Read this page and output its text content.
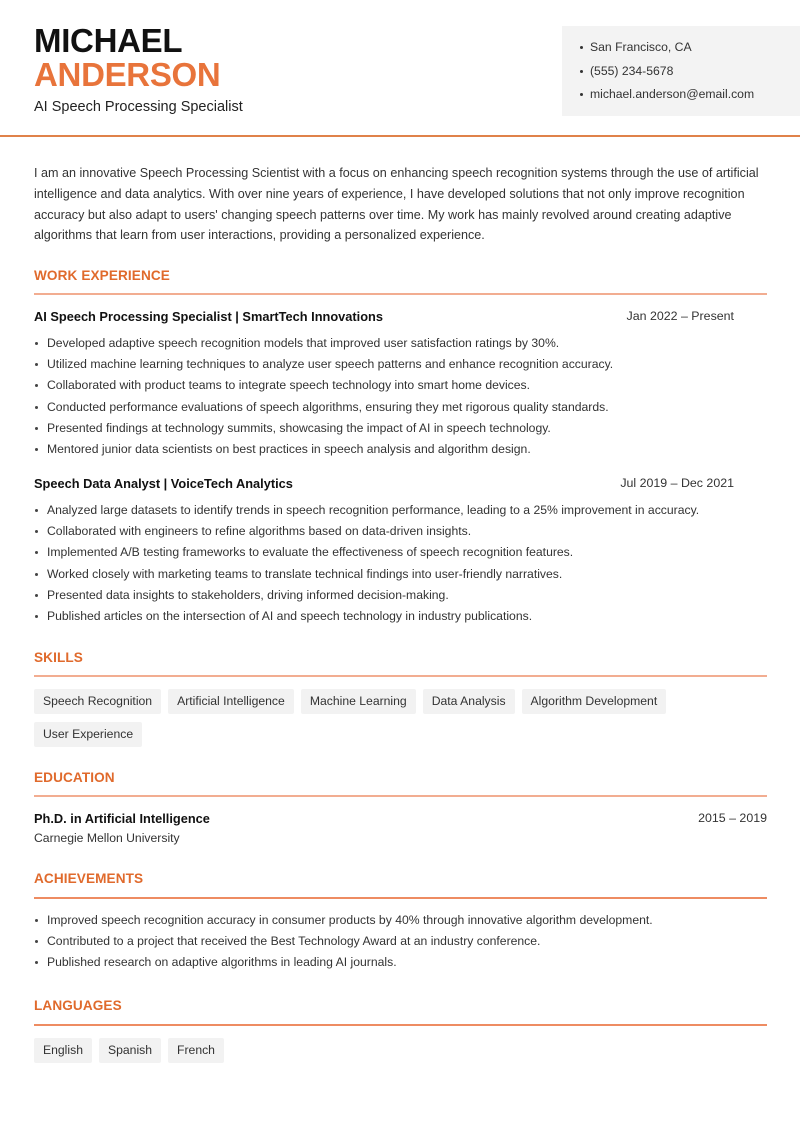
MICHAEL
ANDERSON
AI Speech Processing Specialist
San Francisco, CA
(555) 234-5678
michael.anderson@email.com

I am an innovative Speech Processing Scientist with a focus on enhancing speech recognition systems through the use of artificial intelligence and data analytics. With over nine years of experience, I have developed solutions that not only improve recognition accuracy but also adapt to users' changing speech patterns over time. My work has mainly revolved around creating adaptive algorithms that learn from user interactions, providing a personalized experience.

WORK EXPERIENCE
AI Speech Processing Specialist | SmartTech Innovations	Jan 2022 – Present
Developed adaptive speech recognition models that improved user satisfaction ratings by 30%.
Utilized machine learning techniques to analyze user speech patterns and enhance recognition accuracy.
Collaborated with product teams to integrate speech technology into smart home devices.
Conducted performance evaluations of speech algorithms, ensuring they met rigorous quality standards.
Presented findings at technology summits, showcasing the impact of AI in speech technology.
Mentored junior data scientists on best practices in speech analysis and algorithm design.
Speech Data Analyst | VoiceTech Analytics	Jul 2019 – Dec 2021
Analyzed large datasets to identify trends in speech recognition performance, leading to a 25% improvement in accuracy.
Collaborated with engineers to refine algorithms based on data-driven insights.
Implemented A/B testing frameworks to evaluate the effectiveness of speech recognition features.
Worked closely with marketing teams to translate technical findings into user-friendly narratives.
Presented data insights to stakeholders, driving informed decision-making.
Published articles on the intersection of AI and speech technology in industry publications.
SKILLS
Speech Recognition	Artificial Intelligence	Machine Learning	Data Analysis	Algorithm Development
User Experience
EDUCATION
Ph.D. in Artificial Intelligence	2015 – 2019
Carnegie Mellon University
ACHIEVEMENTS
Improved speech recognition accuracy in consumer products by 40% through innovative algorithm development.
Contributed to a project that received the Best Technology Award at an industry conference.
Published research on adaptive algorithms in leading AI journals.
LANGUAGES
English	Spanish	French
